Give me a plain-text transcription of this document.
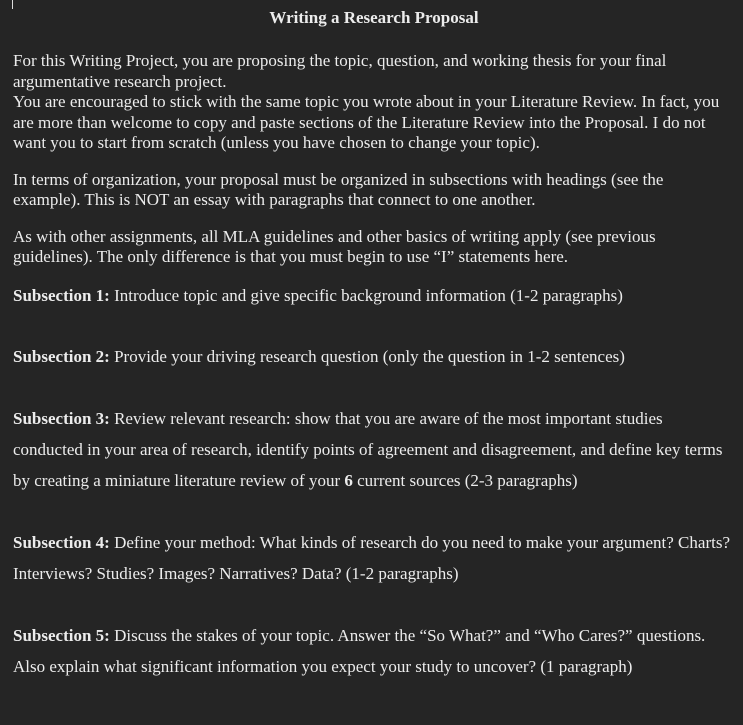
Writing a Research Proposal

For this Writing Project, you are proposing the topic, question, and working thesis for your final argumentative research project.

You are encouraged to stick with the same topic you wrote about in your Literature Review. In fact, you are more than welcome to copy and paste sections of the Literature Review into the Proposal. I do not want you to start from scratch (unless you have chosen to change your topic).

In terms of organization, your proposal must be organized in subsections with headings (see the example). This is NOT an essay with paragraphs that connect to one another.

As with other assignments, all MLA guidelines and other basics of writing apply (see previous guidelines). The only difference is that you must begin to use “I” statements here.

Subsection 1: Introduce topic and give specific background information (1-2 paragraphs)

Subsection 2: Provide your driving research question (only the question in 1-2 sentences)

Subsection 3: Review relevant research: show that you are aware of the most important studies conducted in your area of research, identify points of agreement and disagreement, and define key terms by creating a miniature literature review of your 6 current sources (2-3 paragraphs)

Subsection 4: Define your method: What kinds of research do you need to make your argument? Charts? Interviews? Studies? Images? Narratives? Data? (1-2 paragraphs)

Subsection 5: Discuss the stakes of your topic. Answer the “So What?” and “Who Cares?” questions. Also explain what significant information you expect your study to uncover? (1 paragraph)
